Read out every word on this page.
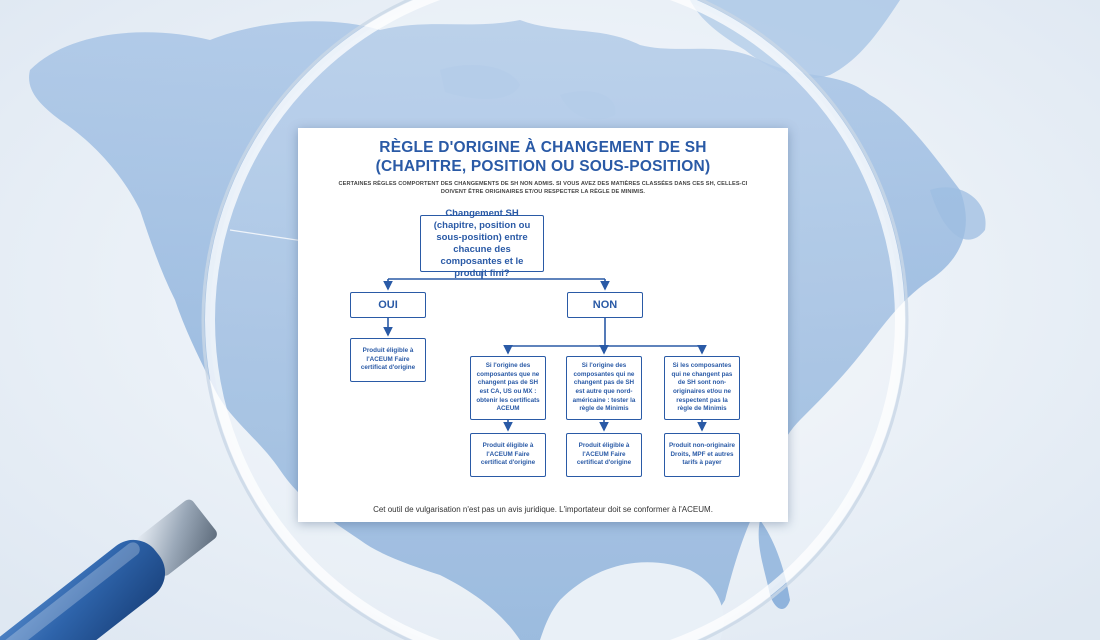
RÈGLE D'ORIGINE À CHANGEMENT DE SH
(CHAPITRE, POSITION OU SOUS-POSITION)
CERTAINES RÈGLES COMPORTENT DES CHANGEMENTS DE SH NON ADMIS. SI VOUS AVEZ DES MATIÈRES CLASSÉES DANS CES SH, CELLES-CI
DOIVENT ÊTRE ORIGINAIRES ET/OU RESPECTER LA RÈGLE DE MINIMIS.
Changement SH (chapitre, position ou sous-position) entre chacune des composantes et le produit fini?
OUI	NON
Produit éligible à l'ACEUM Faire certificat d'origine	Si l'origine des composantes que ne changent pas de SH est CA, US ou MX : obtenir les certificats ACEUM
Si l'origine des composantes qui ne changent pas de SH est autre que nord-américaine : tester la règle de Minimis
Si les composantes qui ne changent pas de SH sont non-originaires et/ou ne respectent pas la règle de Minimis
Produit éligible à l'ACEUM Faire certificat d'origine
Produit éligible à l'ACEUM Faire certificat d'origine
Produit non-originaire Droits, MPF et autres tarifs à payer
Cet outil de vulgarisation n'est pas un avis juridique. L'importateur doit se conformer à l'ACEUM.
